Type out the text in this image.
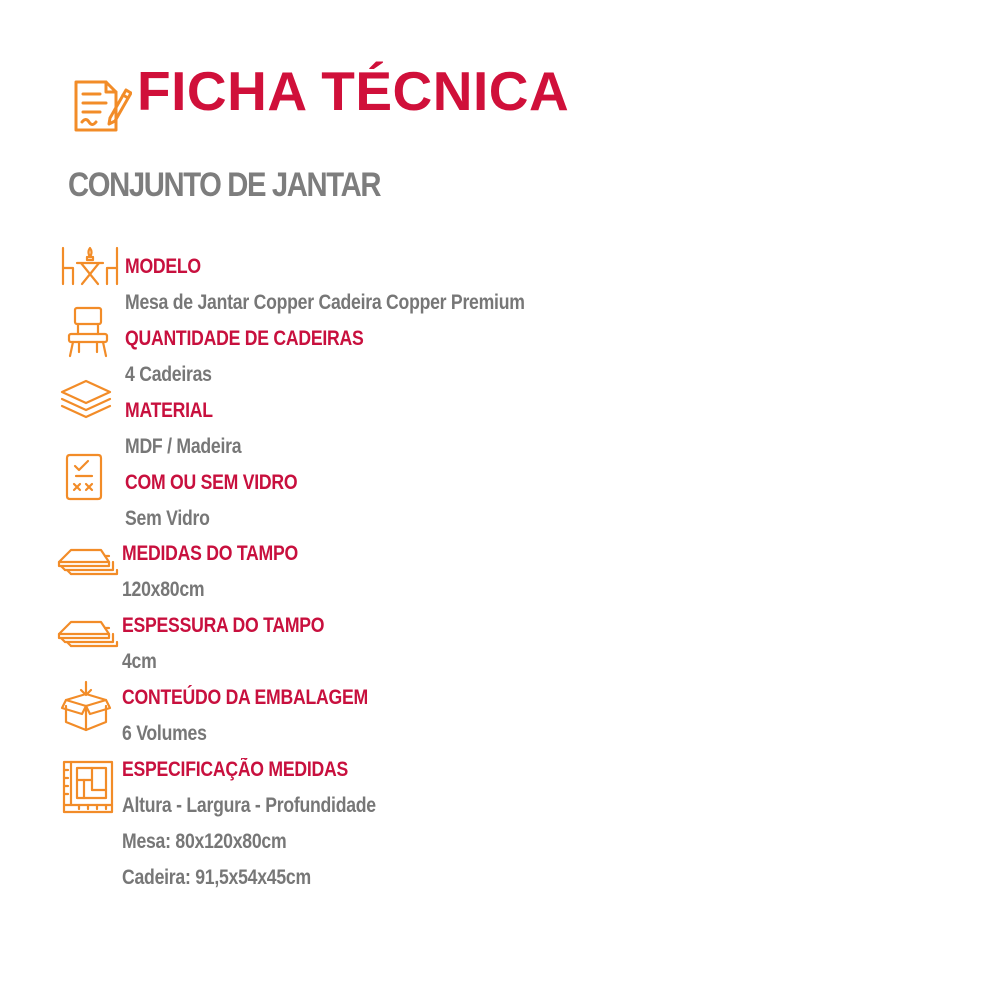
FICHA TÉCNICA
CONJUNTO DE JANTAR
MODELO
Mesa de Jantar Copper Cadeira Copper Premium
QUANTIDADE DE CADEIRAS
4 Cadeiras
MATERIAL
MDF / Madeira
COM OU SEM VIDRO
Sem Vidro
MEDIDAS DO TAMPO
120x80cm
ESPESSURA DO TAMPO
4cm
CONTEÚDO DA EMBALAGEM
6 Volumes
ESPECIFICAÇÃO MEDIDAS
Altura - Largura - Profundidade
Mesa: 80x120x80cm
Cadeira: 91,5x54x45cm
